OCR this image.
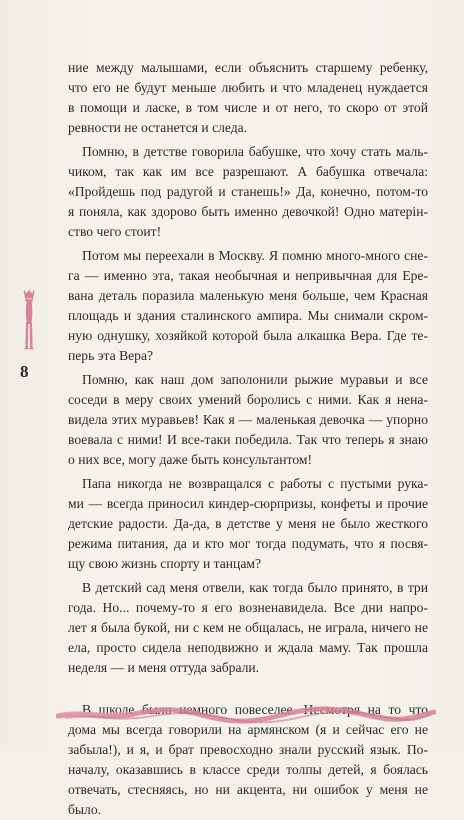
8

ние между малышами, если объяснить старшему ребенку,
что его не будут меньше любить и что младенец нуждается
в помощи и ласке, в том числе и от него, то скоро от этой
ревности не останется и следа.

Помню, в детстве говорила бабушке, что хочу стать маль-
чиком, так как им все разрешают. А бабушка отвечала:
«Пройдешь под радугой и станешь!» Да, конечно, потом-то
я поняла, как здорово быть именно девочкой! Одно матерін-
ство чего стоит!

Потом мы переехали в Москву. Я помню много-много сне-
га — именно эта, такая необычная и непривычная для Ере-
вана деталь поразила маленькую меня больше, чем Красная
площадь и здания сталинского ампира. Мы снимали скром-
ную однушку, хозяйкой которой была алкашка Вера. Где те-
перь эта Вера?

Помню, как наш дом заполонили рыжие муравьи и все
соседи в меру своих умений боролись с ними. Как я нена-
видела этих муравьев! Как я — маленькая девочка — упорно
воевала с ними! И все-таки победила. Так что теперь я знаю
о них все, могу даже быть консультантом!

Папа никогда не возвращался с работы с пустыми рука-
ми — всегда приносил киндер-сюрпризы, конфеты и прочие
детские радости. Да-да, в детстве у меня не было жесткого
режима питания, да и кто мог тогда подумать, что я посвя-
щу свою жизнь спорту и танцам?

В детский сад меня отвели, как тогда было принято, в три
года. Но... почему-то я его возненавидела. Все дни напро-
лет я была букой, ни с кем не общалась, не играла, ничего не
ела, просто сидела неподвижно и ждала маму. Так прошла
неделя — и меня оттуда забрали.

В школе было немного повеселее. Несмотря на то что
дома мы всегда говорили на армянском (я и сейчас его не
забыла!), и я, и брат превосходно знали русский язык. По-
началу, оказавшись в классе среди толпы детей, я боялась
отвечать, стесняясь, но ни акцента, ни ошибок у меня не
было.
